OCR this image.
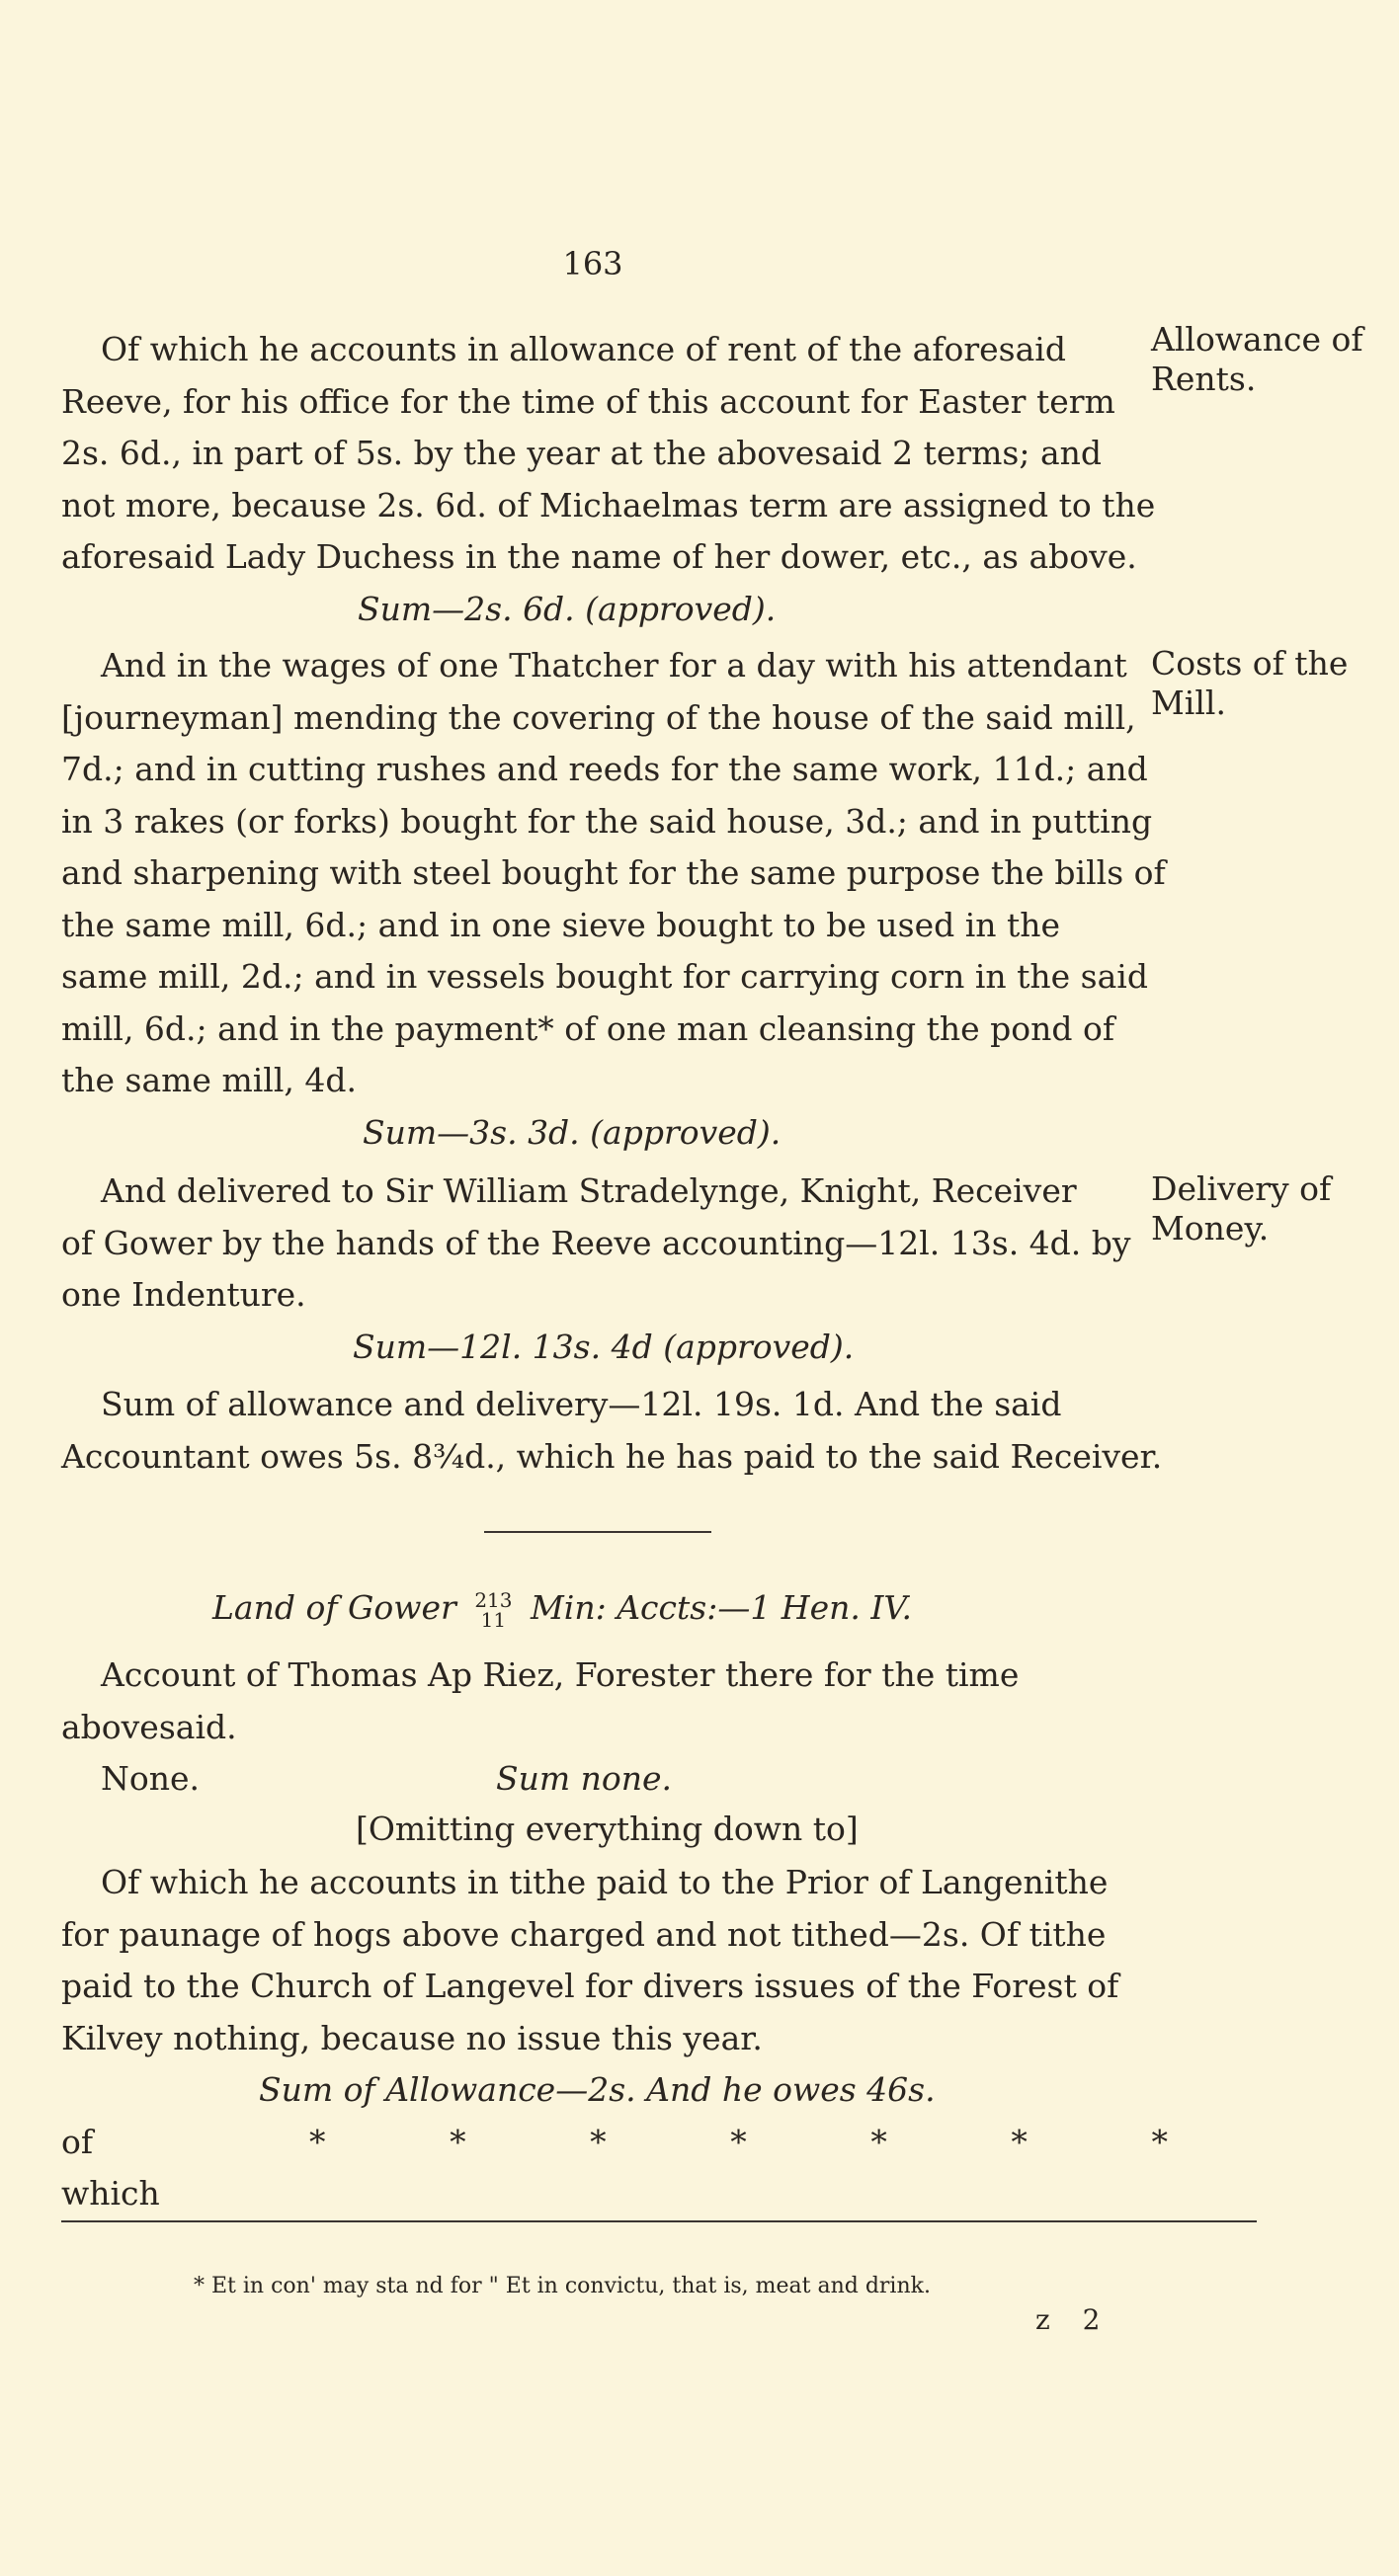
163

Of which he accounts in allowance of rent of the aforesaid

Reeve, for his office for the time of this account for Easter term

2s. 6d., in part of 5s. by the year at the abovesaid 2 terms; and

not more, because 2s. 6d. of Michaelmas term are assigned to the

aforesaid Lady Duchess in the name of her dower, etc., as above.

Sum—2s. 6d. (approved).

Allowance of
Rents.

And in the wages of one Thatcher for a day with his attendant

[journeyman] mending the covering of the house of the said mill,

7d.; and in cutting rushes and reeds for the same work, 11d.; and

in 3 rakes (or forks) bought for the said house, 3d.; and in putting

and sharpening with steel bought for the same purpose the bills of

the same mill, 6d.; and in one sieve bought to be used in the

same mill, 2d.; and in vessels bought for carrying corn in the said

mill, 6d.; and in the payment* of one man cleansing the pond of

the same mill, 4d.

Sum—3s. 3d. (approved).

Costs of the
Mill.

And delivered to Sir William Stradelynge, Knight, Receiver

of Gower by the hands of the Reeve accounting—12l. 13s. 4d. by

one Indenture.

Sum—12l. 13s. 4d (approved).

Delivery of
Money.

Sum of allowance and delivery—12l. 19s. 1d. And the said

Accountant owes 5s. 8¾d., which he has paid to the said Receiver.

Land of Gower 213
11 Min: Accts:—1 Hen. IV.

Account of Thomas Ap Riez, Forester there for the time

abovesaid.

None.	Sum none.

[Omitting everything down to]

Of which he accounts in tithe paid to the Prior of Langenithe

for paunage of hogs above charged and not tithed—2s. Of tithe

paid to the Church of Langevel for divers issues of the Forest of

Kilvey nothing, because no issue this year.

Sum of Allowance—2s. And he owes 46s.

of which
*	*	*	*	*	*	*

* Et in con' may sta nd for " Et in convictu, that is, meat and drink.
z 2
